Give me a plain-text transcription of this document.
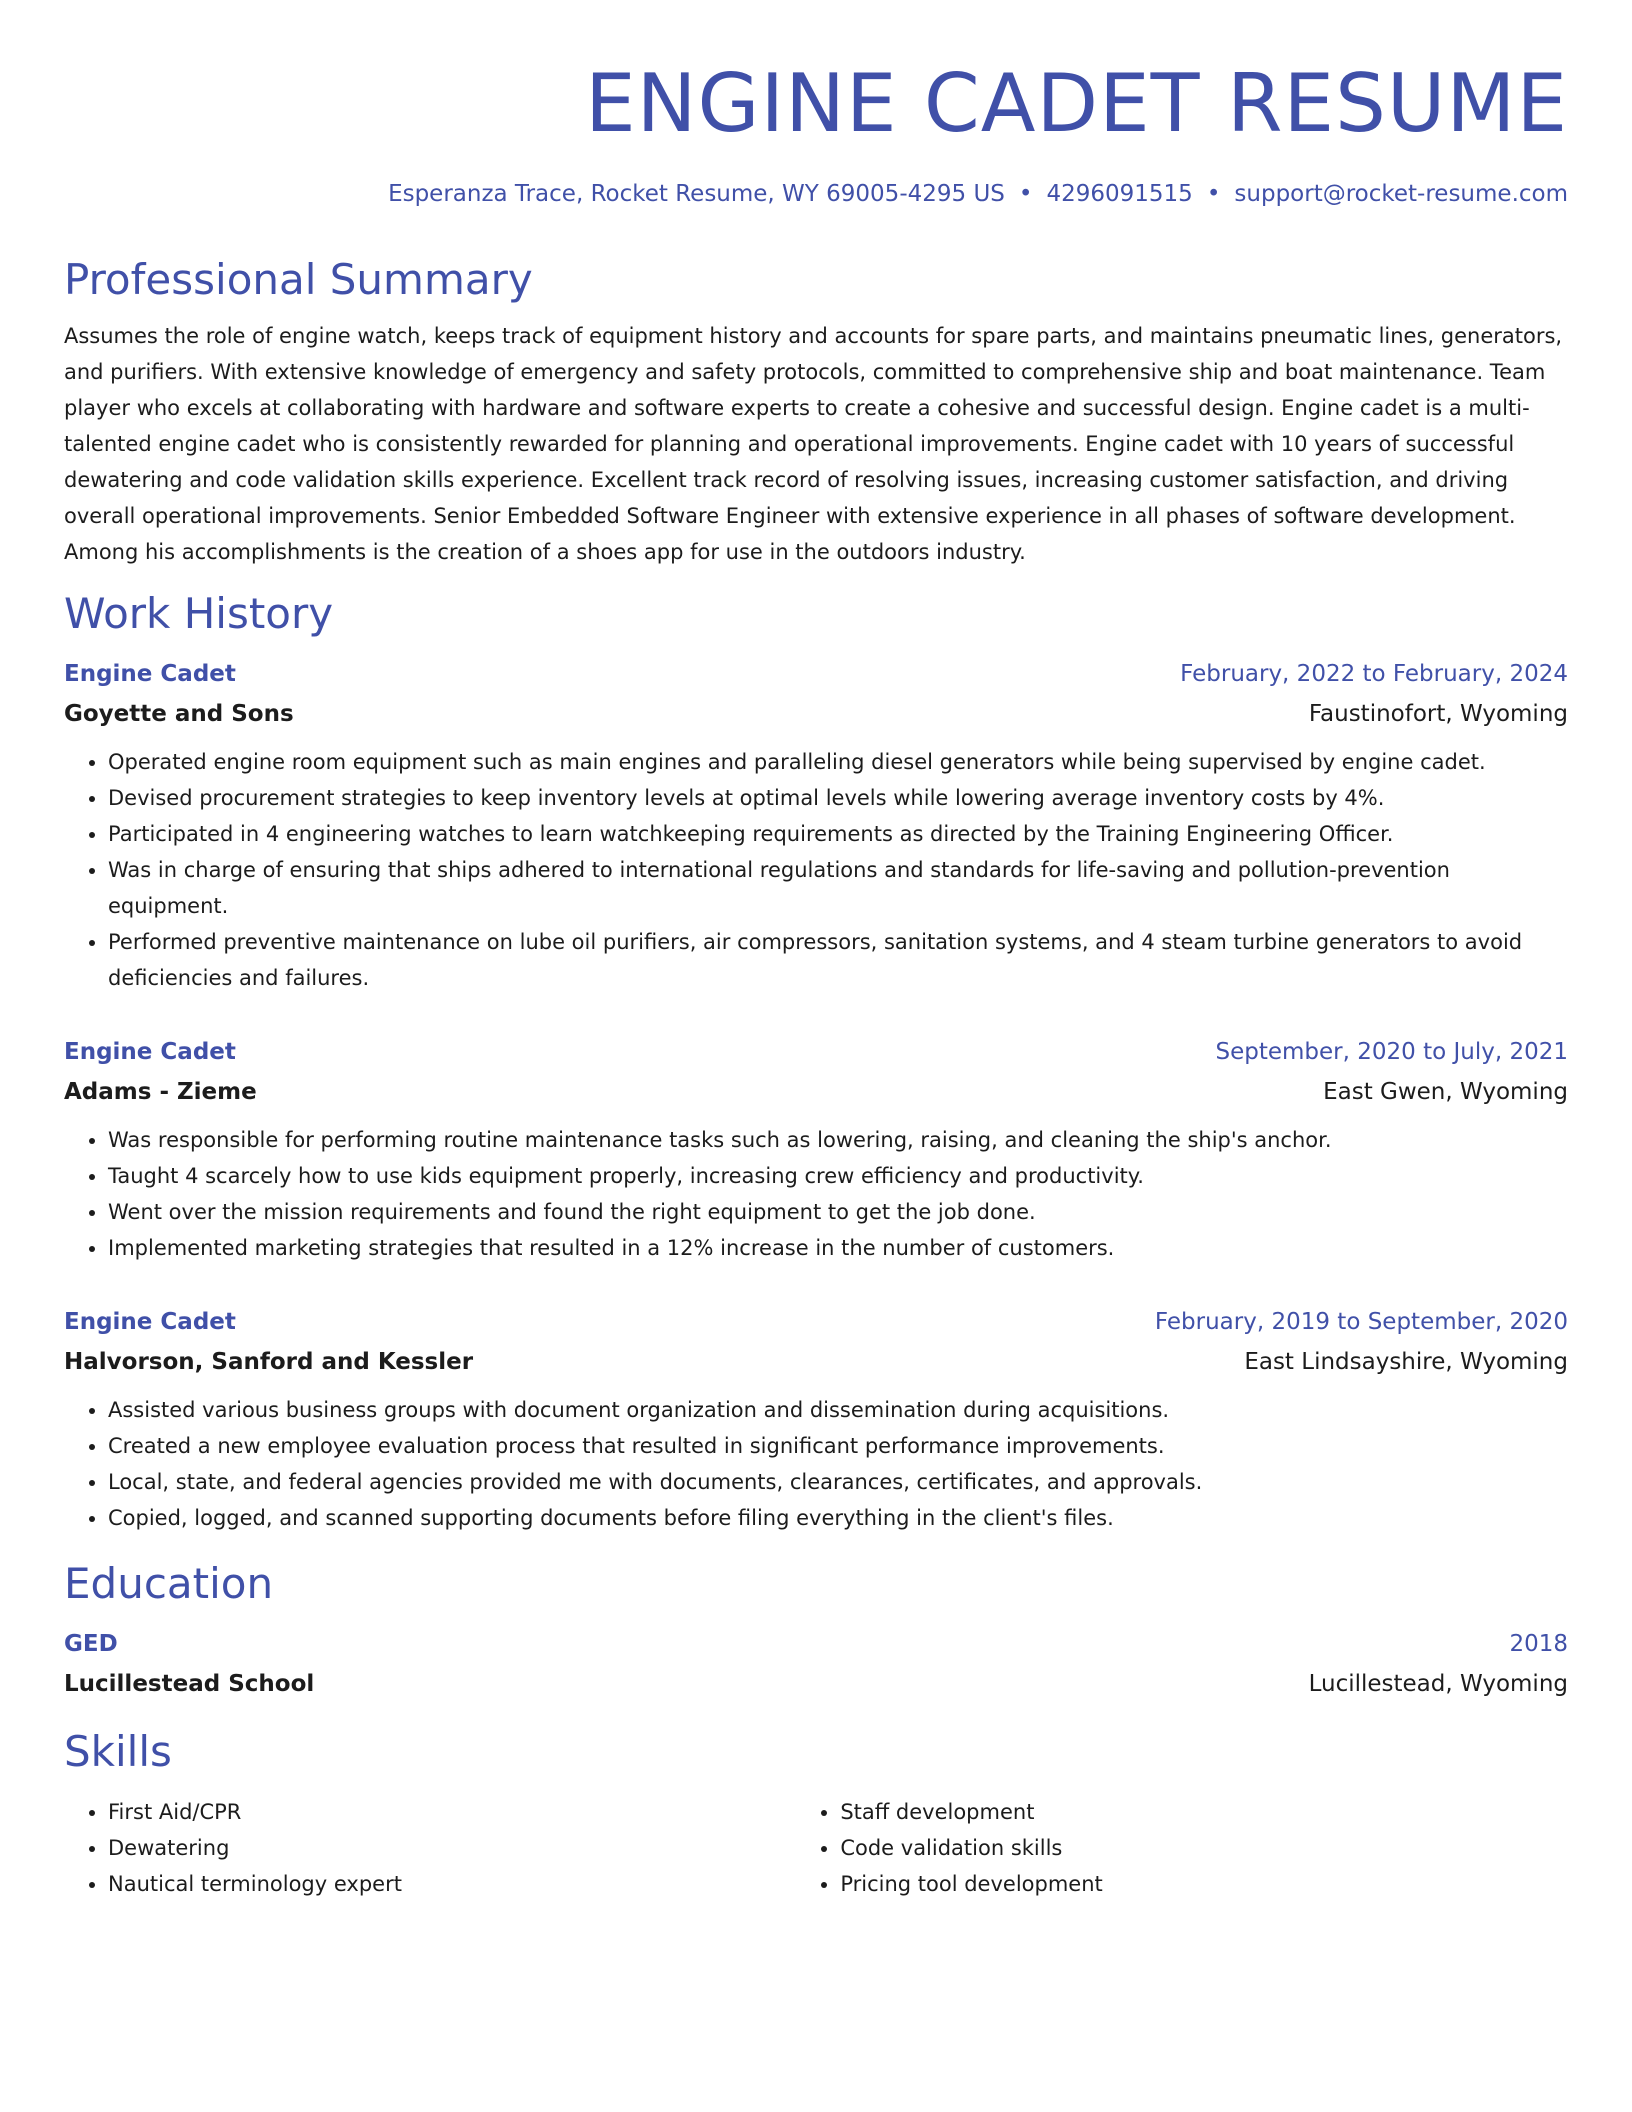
ENGINE CADET RESUME
Esperanza Trace, Rocket Resume, WY 69005-4295 US • 4296091515 • support@rocket-resume.com
Professional Summary

Assumes the role of engine watch, keeps track of equipment history and accounts for spare parts, and maintains pneumatic lines, generators, and purifiers. With extensive knowledge of emergency and safety protocols, committed to comprehensive ship and boat maintenance. Team player who excels at collaborating with hardware and software experts to create a cohesive and successful design. Engine cadet is a multi-talented engine cadet who is consistently rewarded for planning and operational improvements. Engine cadet with 10 years of successful dewatering and code validation skills experience. Excellent track record of resolving issues, increasing customer satisfaction, and driving overall operational improvements. Senior Embedded Software Engineer with extensive experience in all phases of software development. Among his accomplishments is the creation of a shoes app for use in the outdoors industry.

Work History
Engine Cadet	February, 2022 to February, 2024
Goyette and Sons	Faustinofort, Wyoming
• Operated engine room equipment such as main engines and paralleling diesel generators while being supervised by engine cadet.
• Devised procurement strategies to keep inventory levels at optimal levels while lowering average inventory costs by 4%.
• Participated in 4 engineering watches to learn watchkeeping requirements as directed by the Training Engineering Officer.
• Was in charge of ensuring that ships adhered to international regulations and standards for life-saving and pollution-prevention equipment.
• Performed preventive maintenance on lube oil purifiers, air compressors, sanitation systems, and 4 steam turbine generators to avoid deficiencies and failures.
Engine Cadet	September, 2020 to July, 2021
Adams - Zieme	East Gwen, Wyoming
• Was responsible for performing routine maintenance tasks such as lowering, raising, and cleaning the ship's anchor.
• Taught 4 scarcely how to use kids equipment properly, increasing crew efficiency and productivity.
• Went over the mission requirements and found the right equipment to get the job done.
• Implemented marketing strategies that resulted in a 12% increase in the number of customers.
Engine Cadet	February, 2019 to September, 2020
Halvorson, Sanford and Kessler	East Lindsayshire, Wyoming
• Assisted various business groups with document organization and dissemination during acquisitions.
• Created a new employee evaluation process that resulted in significant performance improvements.
• Local, state, and federal agencies provided me with documents, clearances, certificates, and approvals.
• Copied, logged, and scanned supporting documents before filing everything in the client's files.
Education
GED	2018
Lucillestead School	Lucillestead, Wyoming
Skills
• First Aid/CPR
• Dewatering
• Nautical terminology expert
• Staff development
• Code validation skills
• Pricing tool development
